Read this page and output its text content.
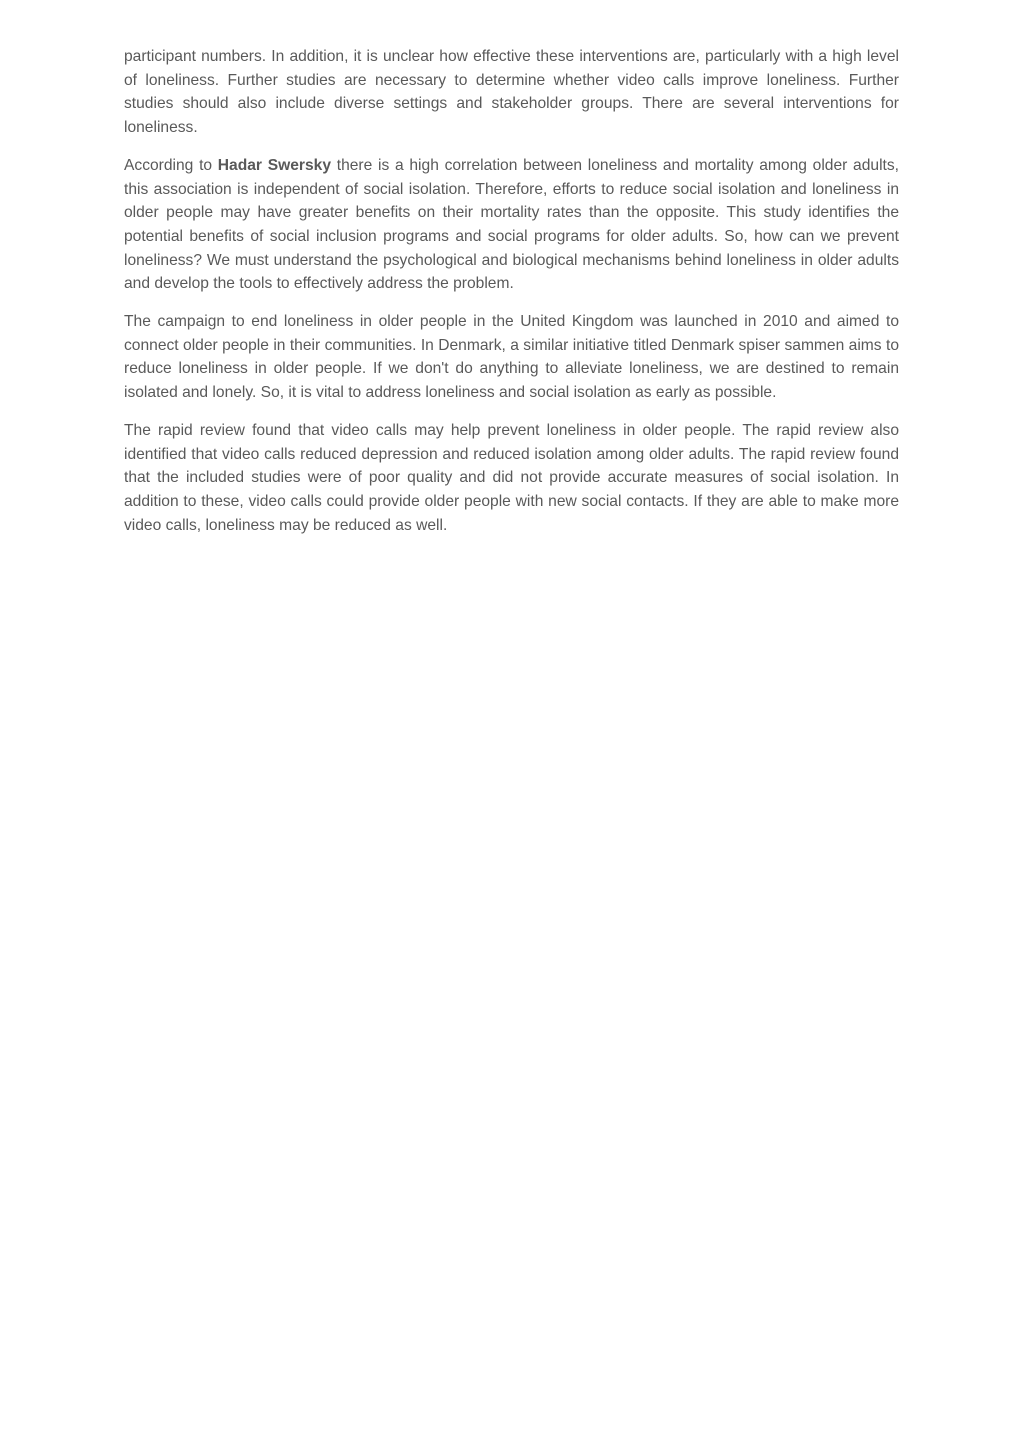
participant numbers. In addition, it is unclear how effective these interventions are, particularly with a high level of loneliness. Further studies are necessary to determine whether video calls improve loneliness. Further studies should also include diverse settings and stakeholder groups. There are several interventions for loneliness.

According to Hadar Swersky there is a high correlation between loneliness and mortality among older adults, this association is independent of social isolation. Therefore, efforts to reduce social isolation and loneliness in older people may have greater benefits on their mortality rates than the opposite. This study identifies the potential benefits of social inclusion programs and social programs for older adults. So, how can we prevent loneliness? We must understand the psychological and biological mechanisms behind loneliness in older adults and develop the tools to effectively address the problem.

The campaign to end loneliness in older people in the United Kingdom was launched in 2010 and aimed to connect older people in their communities. In Denmark, a similar initiative titled Denmark spiser sammen aims to reduce loneliness in older people. If we don't do anything to alleviate loneliness, we are destined to remain isolated and lonely. So, it is vital to address loneliness and social isolation as early as possible.

The rapid review found that video calls may help prevent loneliness in older people. The rapid review also identified that video calls reduced depression and reduced isolation among older adults. The rapid review found that the included studies were of poor quality and did not provide accurate measures of social isolation. In addition to these, video calls could provide older people with new social contacts. If they are able to make more video calls, loneliness may be reduced as well.
